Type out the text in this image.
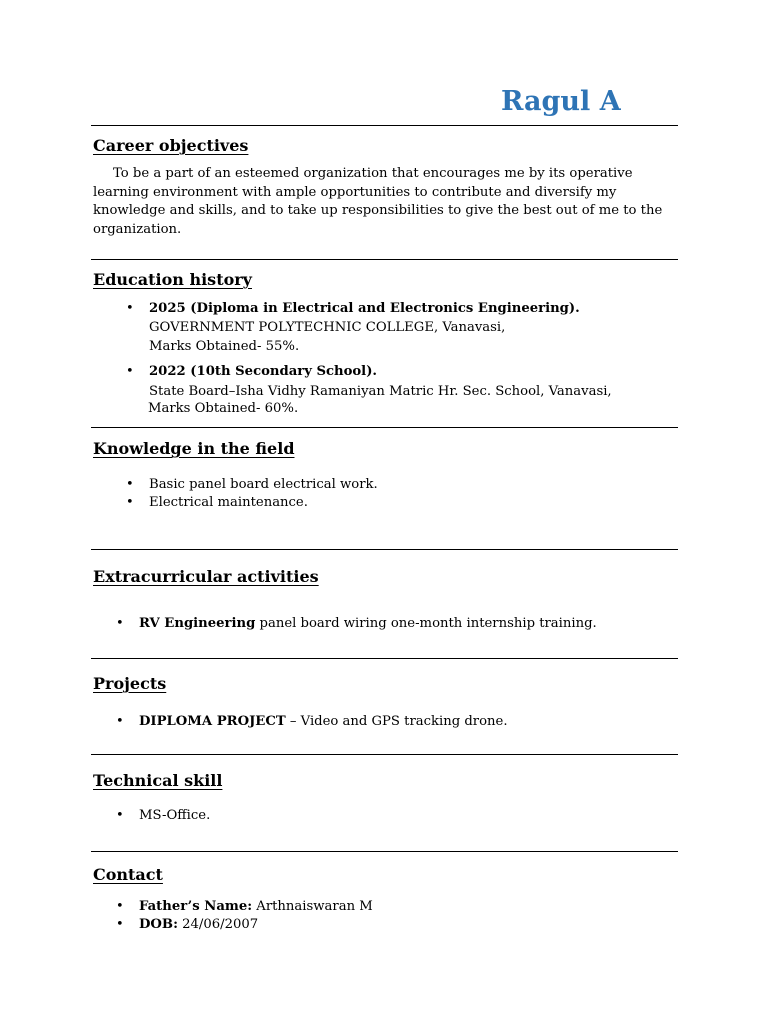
Ragul A
Career objectives
To be a part of an esteemed organization that encourages me by its operative learning environment with ample opportunities to contribute and diversify my knowledge and skills, and to take up responsibilities to give the best out of me to the organization.
Education history
• 2025 (Diploma in Electrical and Electronics Engineering).
GOVERNMENT POLYTECHNIC COLLEGE, Vanavasi,
Marks Obtained- 55%.
• 2022 (10th Secondary School).
State Board–Isha Vidhy Ramaniyan Matric Hr. Sec. School, Vanavasi,
Marks Obtained- 60%.
Knowledge in the field
• Basic panel board electrical work.
• Electrical maintenance.
Extracurricular activities
• RV Engineering panel board wiring one-month internship training.
Projects
• DIPLOMA PROJECT – Video and GPS tracking drone.
Technical skill
• MS-Office.
Contact
• Father’s Name: Arthnaiswaran M
• DOB: 24/06/2007
